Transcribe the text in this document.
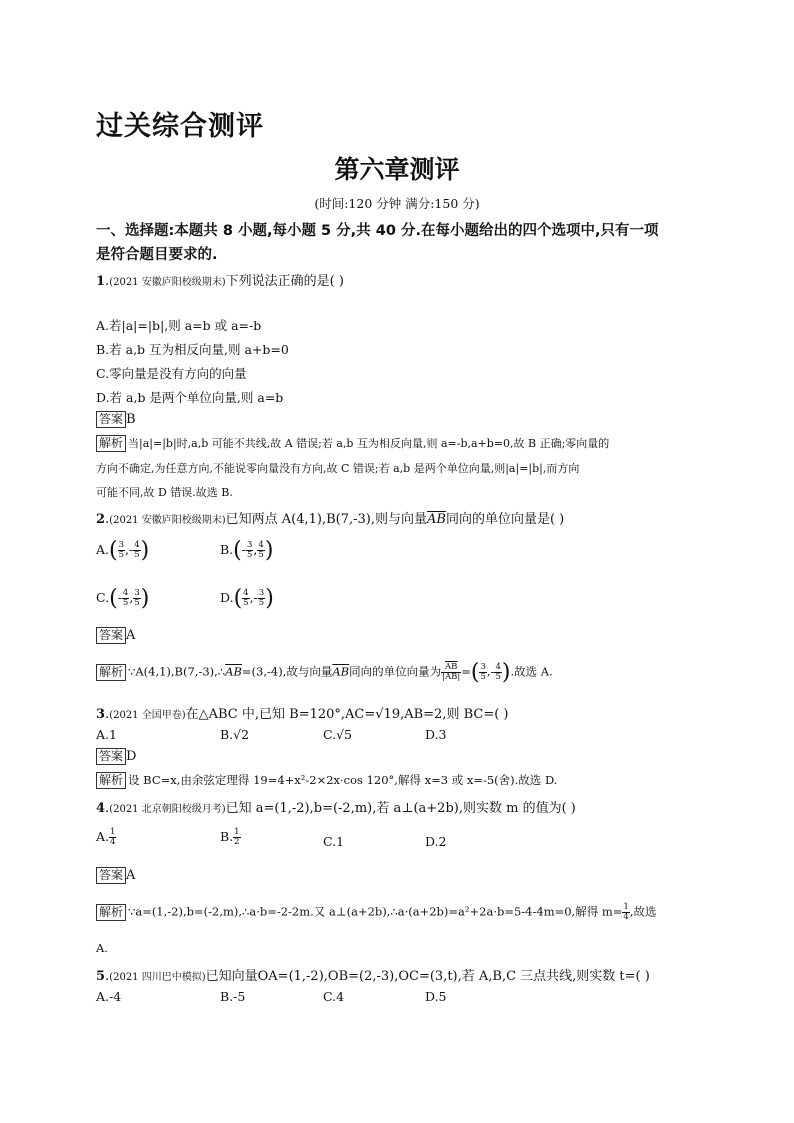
过关综合测评
第六章测评
(时间:120 分钟 满分:150 分)
一、选择题:本题共 8 小题,每小题 5 分,共 40 分.在每小题给出的四个选项中,只有一项
是符合题目要求的.
1.(2021 安徽庐阳校级期末)下列说法正确的是( )
A.若|a|=|b|,则 a=b 或 a=-b
B.若 a,b 互为相反向量,则 a+b=0
C.零向量是没有方向的向量
D.若 a,b 是两个单位向量,则 a=b
答案 B
解析 当|a|=|b|时,a,b 可能不共线,故 A 错误;若 a,b 互为相反向量,则 a=-b,a+b=0,故 B 正确;零向量的
方向不确定,为任意方向,不能说零向量没有方向,故 C 错误;若 a,b 是两个单位向量,则|a|=|b|,而方向
可能不同,故 D 错误.故选 B.
2.(2021 安徽庐阳校级期末)已知两点 A(4,1),B(7,-3),则与向量$\overline{AB}$同向的单位向量是( )
$A.( \frac{3}{5}$ ,- $\frac{4}{5}$ )	$B.(- \frac{3}{5}$ , $\frac{4}{5}$ )
$C.(- \frac{4}{5}$ , $\frac{3}{5}$ )	$D.( \frac{4}{5}$ ,- $\frac{3}{5}$ )
答案 A
解析 $\because A(4,1),B(7,-3),\therefore\overline{AB}=(3,-4)$,故与向量$\overline{AB}$同向的单位向量为 $\frac{\overline{AB}}{|AB|}$ =( $\frac{3}{5}$ ,- $\frac{4}{5}$ ).故选 A.
3.(2021 全国甲卷)在△ABC 中,已知 B=120°,AC=√19,AB=2,则 BC=( )
A.1	B.√2	C.√5	D.3
答案 D
解析 设 BC=x,由余弦定理得 19=4+x²-2×2x·cos 120°,解得 x=3 或 x=-5(舍).故选 D.
4.(2021 北京朝阳校级月考)已知 a=(1,-2),b=(-2,m),若 a⊥(a+2b),则实数 m 的值为( )
A. $\frac{1}{4}$	B. $\frac{1}{2}$	C.1	D.2
答案 A
解析 ∵a=(1,-2),b=(-2,m),∴a·b=-2-2m.又 a⊥(a+2b),∴a·(a+2b)=a²+2a·b=5-4-4m=0,解得 $m= \frac{1}{4}$ ,故选
A.
5.(2021 四川巴中模拟)已知向量OA=(1,-2),OB=(2,-3),OC=(3,t),若 A,B,C 三点共线,则实数 t=( )
A.-4	B.-5	C.4	D.5
